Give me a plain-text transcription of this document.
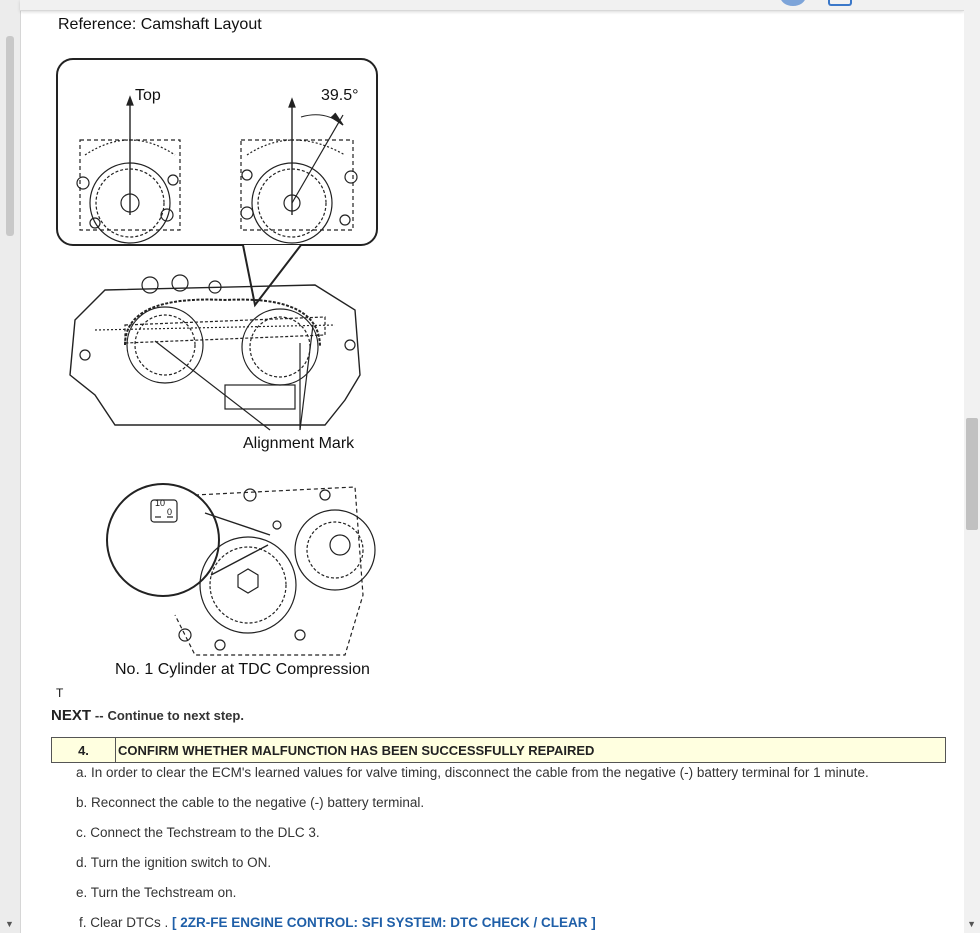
▼	▼
Reference: Camshaft Layout
Top	39.5°
Alignment Mark
No. 1 Cylinder at TDC Compression
10
0
T
NEXT -- Continue to next step.
4.	CONFIRM WHETHER MALFUNCTION HAS BEEN SUCCESSFULLY REPAIRED
a. In order to clear the ECM's learned values for valve timing, disconnect the cable from the negative (-) battery terminal for 1 minute.
b. Reconnect the cable to the negative (-) battery terminal.
c. Connect the Techstream to the DLC 3.
d. Turn the ignition switch to ON.
e. Turn the Techstream on.
f. Clear DTCs . [ 2ZR-FE ENGINE CONTROL: SFI SYSTEM: DTC CHECK / CLEAR ]
